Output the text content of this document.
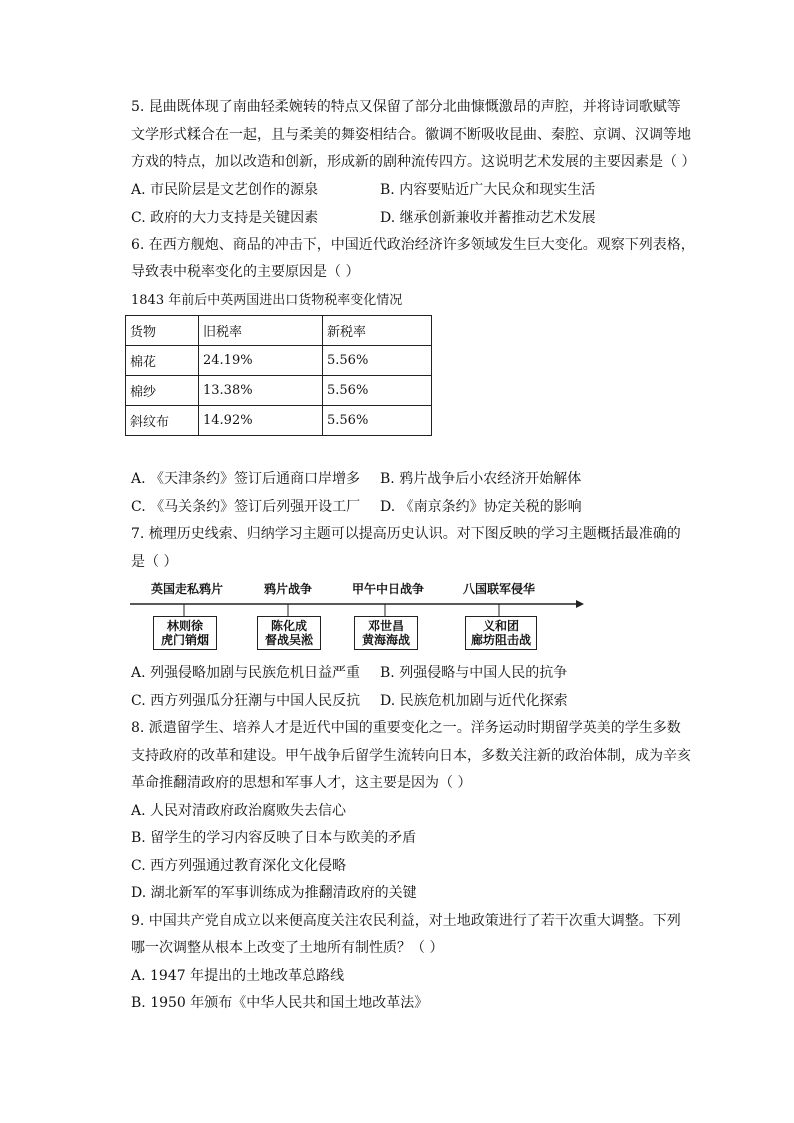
5. 昆曲既体现了南曲轻柔婉转的特点又保留了部分北曲慷慨激昂的声腔，并将诗词歌赋等
文学形式糅合在一起，且与柔美的舞姿相结合。徽调不断吸收昆曲、秦腔、京调、汉调等地
方戏的特点，加以改造和创新，形成新的剧种流传四方。这说明艺术发展的主要因素是（ ）
A. 市民阶层是文艺创作的源泉	B. 内容要贴近广大民众和现实生活
C. 政府的大力支持是关键因素	D. 继承创新兼收并蓄推动艺术发展
6. 在西方舰炮、商品的冲击下，中国近代政治经济许多领域发生巨大变化。观察下列表格，
导致表中税率变化的主要原因是（ ）
1843 年前后中英两国进出口货物税率变化情况
货物	旧税率	新税率
棉花	24.19%	5.56%
棉纱	13.38%	5.56%
斜纹布	14.92%	5.56%
A. 《天津条约》签订后通商口岸增多 B. 鸦片战争后小农经济开始解体
C. 《马关条约》签订后列强开设工厂 D. 《南京条约》协定关税的影响
7. 梳理历史线索、归纳学习主题可以提高历史认识。对下图反映的学习主题概括最准确的
是（ ）
英国走私鸦片	鸦片战争	甲午中日战争	八国联军侵华
林则徐
虎门销烟
陈化成
督战吴淞
邓世昌
黄海海战
义和团
廊坊阻击战
A. 列强侵略加剧与民族危机日益严重 B. 列强侵略与中国人民的抗争
C. 西方列强瓜分狂潮与中国人民反抗 D. 民族危机加剧与近代化探索
8. 派遣留学生、培养人才是近代中国的重要变化之一。洋务运动时期留学英美的学生多数
支持政府的改革和建设。甲午战争后留学生流转向日本，多数关注新的政治体制，成为辛亥
革命推翻清政府的思想和军事人才，这主要是因为（ ）
A. 人民对清政府政治腐败失去信心
B. 留学生的学习内容反映了日本与欧美的矛盾
C. 西方列强通过教育深化文化侵略
D. 湖北新军的军事训练成为推翻清政府的关键
9. 中国共产党自成立以来便高度关注农民利益，对土地政策进行了若干次重大调整。下列
哪一次调整从根本上改变了土地所有制性质？（ ）
A. 1947 年提出的土地改革总路线
B. 1950 年颁布《中华人民共和国土地改革法》
